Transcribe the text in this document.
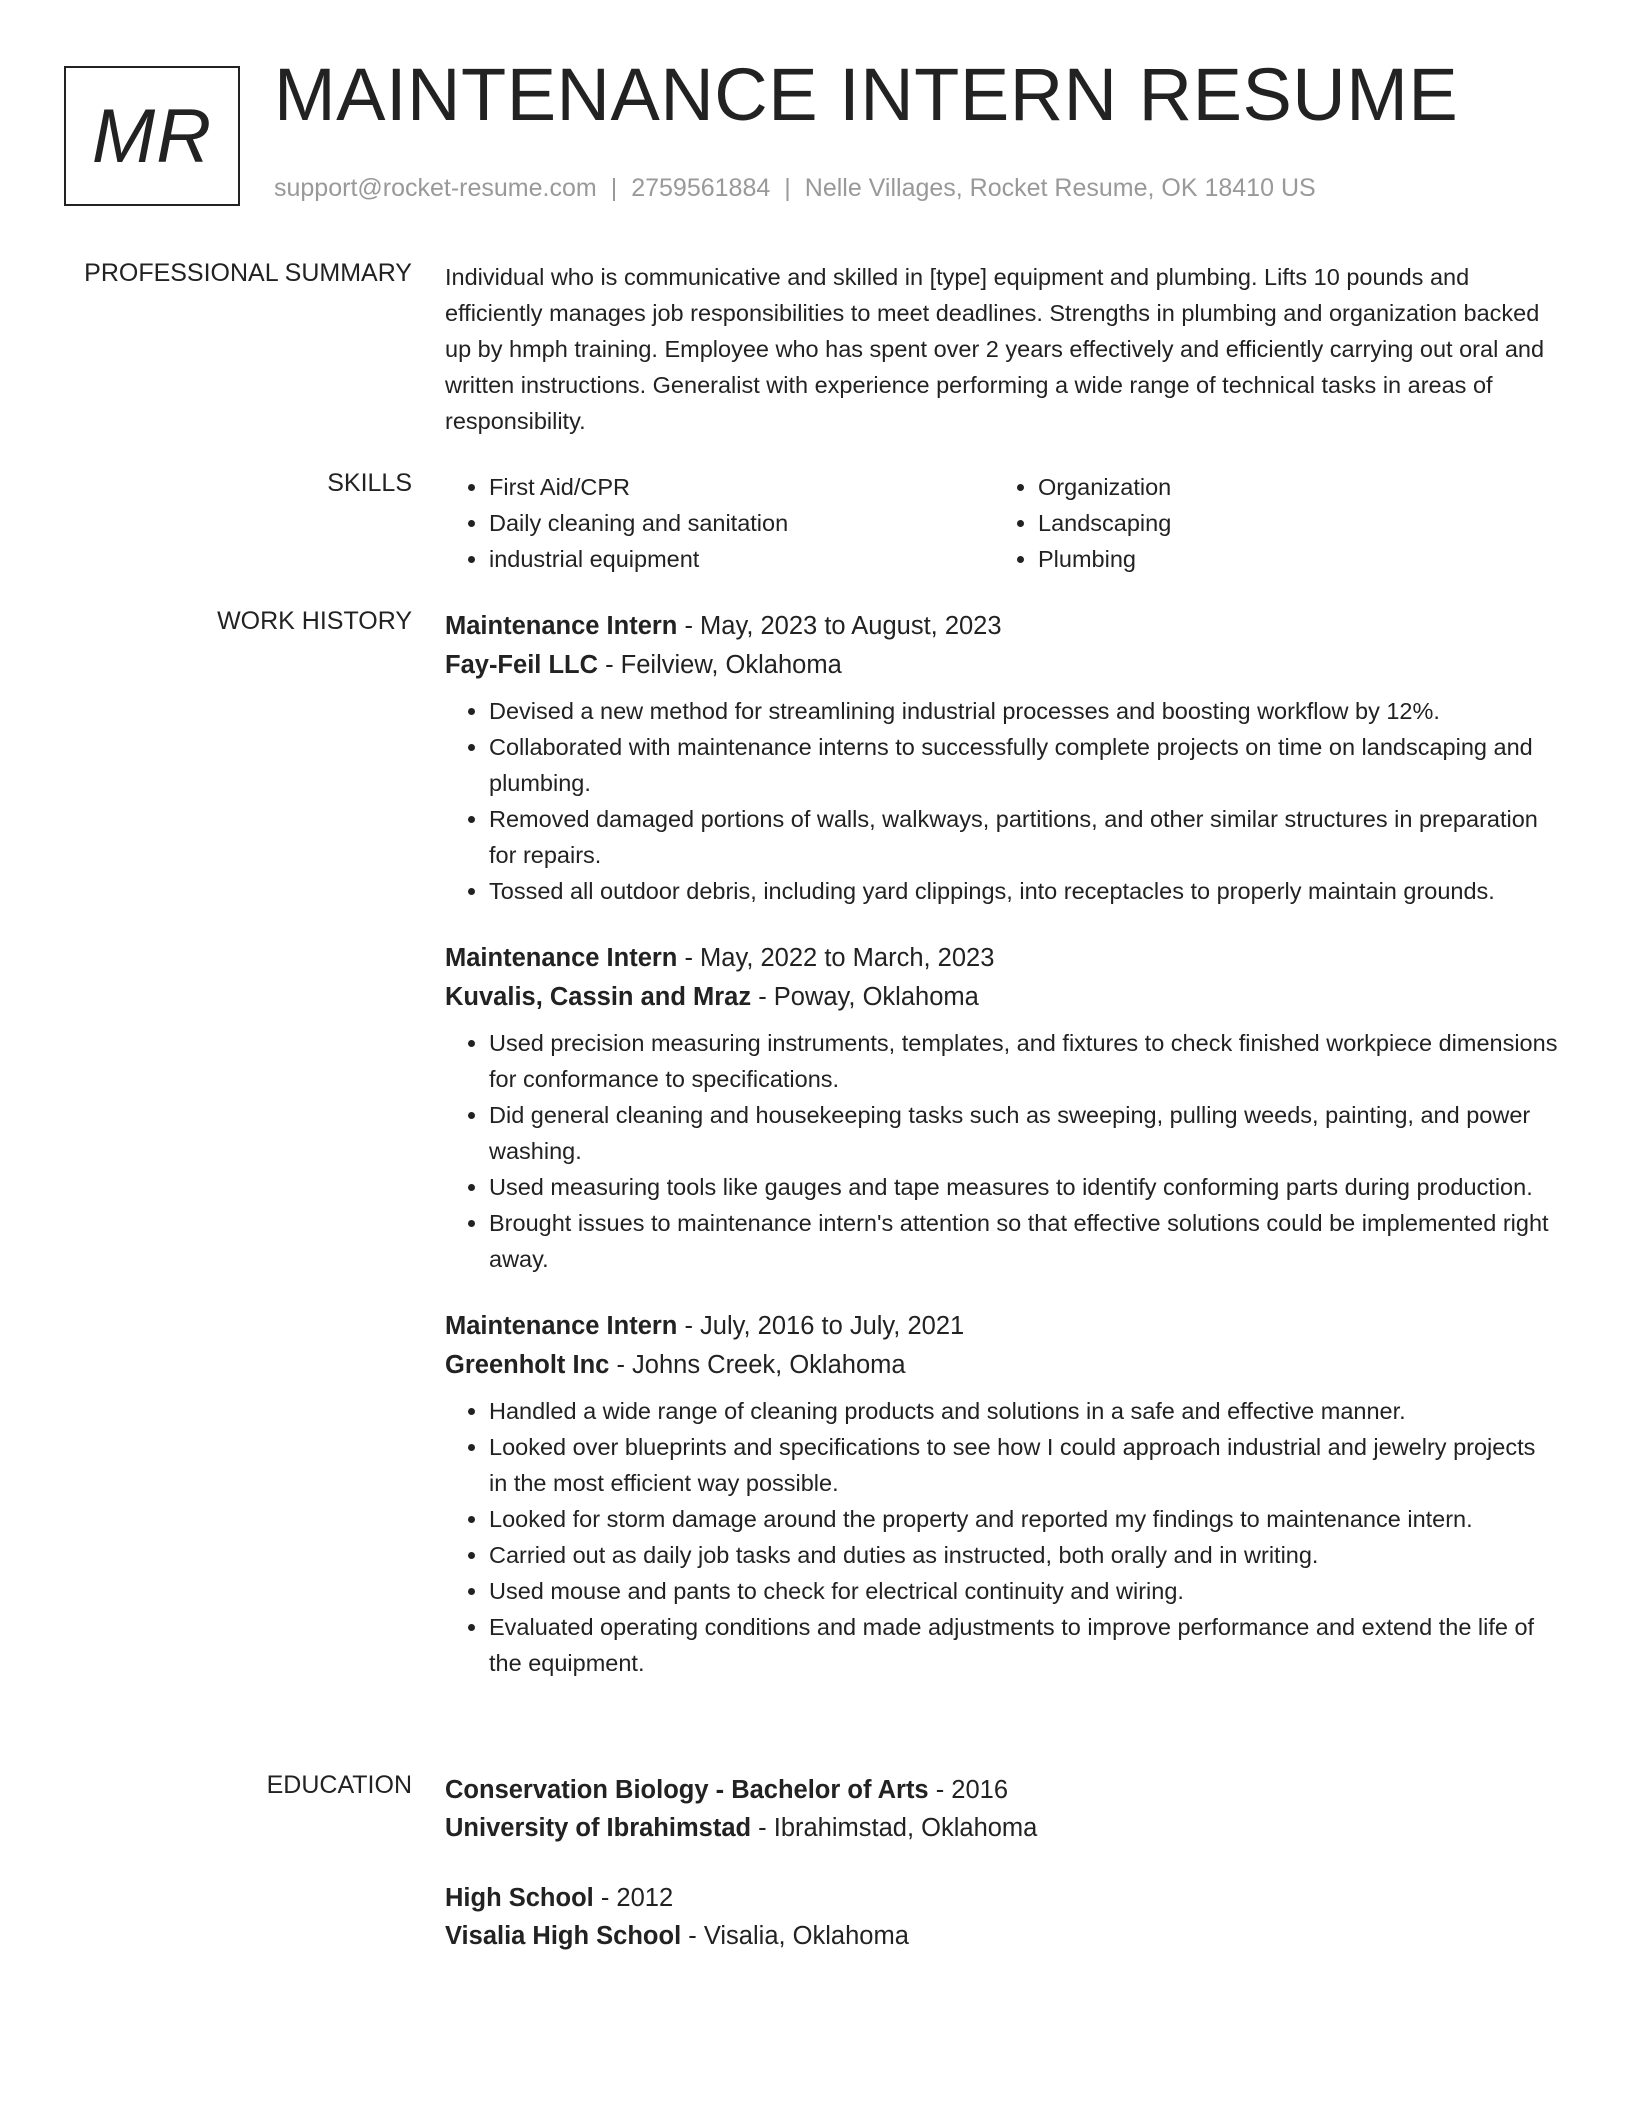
MR MAINTENANCE INTERN RESUME
support@rocket-resume.com | 2759561884 | Nelle Villages, Rocket Resume, OK 18410 US
PROFESSIONAL SUMMARY Individual who is communicative and skilled in [type] equipment and plumbing. Lifts 10 pounds and efficiently manages job responsibilities to meet deadlines. Strengths in plumbing and organization backed up by hmph training. Employee who has spent over 2 years effectively and efficiently carrying out oral and written instructions. Generalist with experience performing a wide range of technical tasks in areas of responsibility.

SKILLS
•	First Aid/CPR
• Daily cleaning and sanitation
• industrial equipment
• Organization
• Landscaping
• Plumbing
WORK HISTORY Maintenance Intern - May, 2023 to August, 2023
Fay-Feil LLC - Feilview, Oklahoma
• Devised a new method for streamlining industrial processes and boosting workflow by 12%.
• Collaborated with maintenance interns to successfully complete projects on time on landscaping and plumbing.
• Removed damaged portions of walls, walkways, partitions, and other similar structures in preparation for repairs.
• Tossed all outdoor debris, including yard clippings, into receptacles to properly maintain grounds.
Maintenance Intern - May, 2022 to March, 2023
Kuvalis, Cassin and Mraz - Poway, Oklahoma
• Used precision measuring instruments, templates, and fixtures to check finished workpiece dimensions for conformance to specifications.
• Did general cleaning and housekeeping tasks such as sweeping, pulling weeds, painting, and power washing.
• Used measuring tools like gauges and tape measures to identify conforming parts during production.
• Brought issues to maintenance intern's attention so that effective solutions could be implemented right away.
Maintenance Intern - July, 2016 to July, 2021
Greenholt Inc - Johns Creek, Oklahoma
• Handled a wide range of cleaning products and solutions in a safe and effective manner.
• Looked over blueprints and specifications to see how I could approach industrial and jewelry projects in the most efficient way possible.
• Looked for storm damage around the property and reported my findings to maintenance intern.
• Carried out as daily job tasks and duties as instructed, both orally and in writing.
• Used mouse and pants to check for electrical continuity and wiring.
• Evaluated operating conditions and made adjustments to improve performance and extend the life of the equipment.
EDUCATION Conservation Biology - Bachelor of Arts - 2016
University of Ibrahimstad - Ibrahimstad, Oklahoma
High School - 2012
Visalia High School - Visalia, Oklahoma
